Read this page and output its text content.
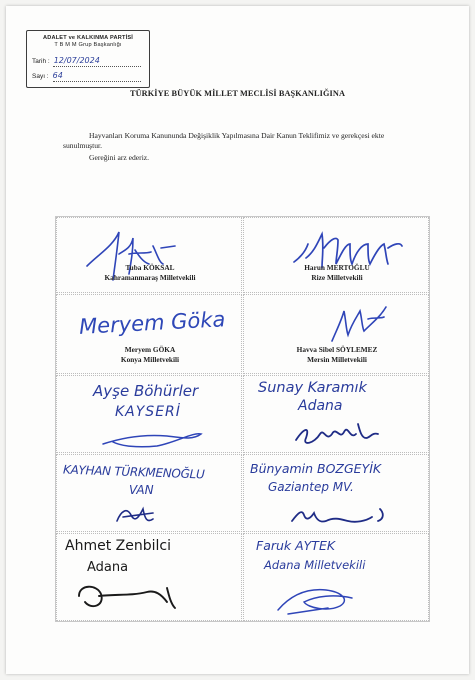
ADALET ve KALKINMA PARTİSİ
T B M M Grup Başkanlığı
Tarih : 12/07/2024
Sayı : 64
TÜRKİYE BÜYÜK MİLLET MECLİSİ BAŞKANLIĞINA
Hayvanları Koruma Kanununda Değişiklik Yapılmasına Dair Kanun Teklifimiz ve gerekçesi ekte sunulmuştur.
Gereğini arz ederiz.
Tuba KÖKSAL
Kahramanmaraş Milletvekili
Harun MERTOĞLU
Rize Milletvekili
Meryem Göka
Meryem GÖKA
Konya Milletvekili
Havva Sibel SÖYLEMEZ
Mersin Milletvekili
Ayşe Böhürler
KAYSERİ
Sunay Karamık
Adana
KAYHAN TÜRKMENOĞLU
VAN
Bünyamin BOZGEYİK
Gaziantep MV.
Ahmet Zenbilci
Adana
Faruk AYTEK
Adana Milletvekili
